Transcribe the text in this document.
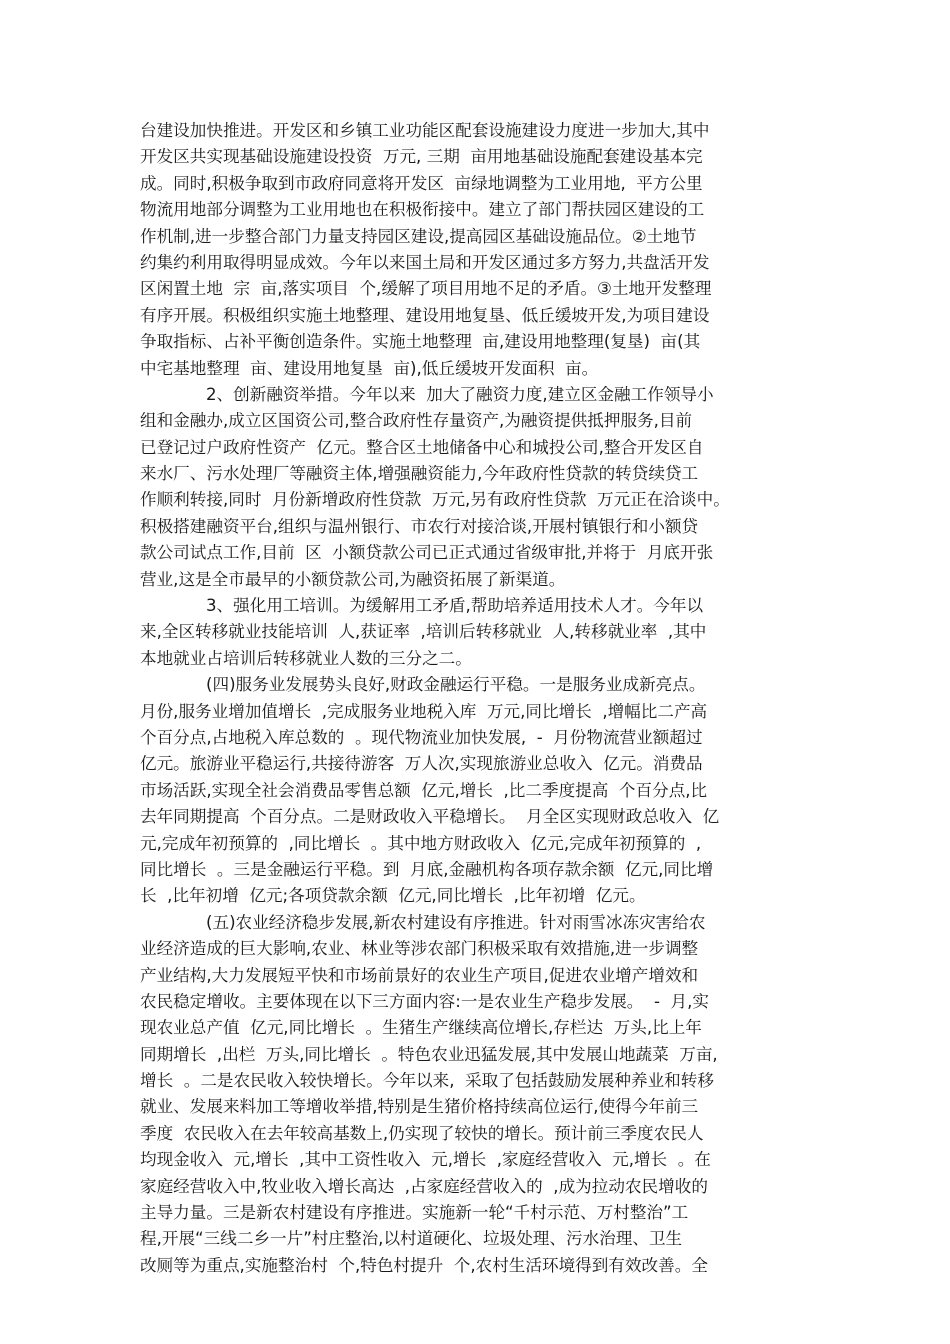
台建设加快推进。开发区和乡镇工业功能区配套设施建设力度进一步加大,其中
开发区共实现基础设施建设投资  万元, 三期  亩用地基础设施配套建设基本完
成。同时,积极争取到市政府同意将开发区  亩绿地调整为工业用地,  平方公里
物流用地部分调整为工业用地也在积极衔接中。建立了部门帮扶园区建设的工
作机制,进一步整合部门力量支持园区建设,提高园区基础设施品位。②土地节
约集约利用取得明显成效。今年以来国土局和开发区通过多方努力,共盘活开发
区闲置土地  宗  亩,落实项目  个,缓解了项目用地不足的矛盾。③土地开发整理
有序开展。积极组织实施土地整理、建设用地复垦、低丘缓坡开发,为项目建设
争取指标、占补平衡创造条件。实施土地整理  亩,建设用地整理(复垦)  亩(其
中宅基地整理  亩、建设用地复垦  亩),低丘缓坡开发面积  亩。
2、创新融资举措。今年以来  加大了融资力度,建立区金融工作领导小
组和金融办,成立区国资公司,整合政府性存量资产,为融资提供抵押服务,目前
已登记过户政府性资产  亿元。整合区土地储备中心和城投公司,整合开发区自
来水厂、污水处理厂等融资主体,增强融资能力,今年政府性贷款的转贷续贷工
作顺利转接,同时  月份新增政府性贷款  万元,另有政府性贷款  万元正在洽谈中。
积极搭建融资平台,组织与温州银行、市农行对接洽谈,开展村镇银行和小额贷
款公司试点工作,目前  区  小额贷款公司已正式通过省级审批,并将于  月底开张
营业,这是全市最早的小额贷款公司,为融资拓展了新渠道。
3、强化用工培训。为缓解用工矛盾,帮助培养适用技术人才。今年以
来,全区转移就业技能培训  人,获证率  ,培训后转移就业  人,转移就业率  ,其中
本地就业占培训后转移就业人数的三分之二。
(四)服务业发展势头良好,财政金融运行平稳。一是服务业成新亮点。
月份,服务业增加值增长  ,完成服务业地税入库  万元,同比增长  ,增幅比二产高
个百分点,占地税入库总数的  。现代物流业加快发展,  -  月份物流营业额超过
亿元。旅游业平稳运行,共接待游客  万人次,实现旅游业总收入  亿元。消费品
市场活跃,实现全社会消费品零售总额  亿元,增长  ,比二季度提高  个百分点,比
去年同期提高  个百分点。二是财政收入平稳增长。  月全区实现财政总收入  亿
元,完成年初预算的  ,同比增长  。其中地方财政收入  亿元,完成年初预算的  ,
同比增长  。三是金融运行平稳。到  月底,金融机构各项存款余额  亿元,同比增
长  ,比年初增  亿元;各项贷款余额  亿元,同比增长  ,比年初增  亿元。
(五)农业经济稳步发展,新农村建设有序推进。针对雨雪冰冻灾害给农
业经济造成的巨大影响,农业、林业等涉农部门积极采取有效措施,进一步调整
产业结构,大力发展短平快和市场前景好的农业生产项目,促进农业增产增效和
农民稳定增收。主要体现在以下三方面内容:一是农业生产稳步发展。  -  月,实
现农业总产值  亿元,同比增长  。生猪生产继续高位增长,存栏达  万头,比上年
同期增长  ,出栏  万头,同比增长  。特色农业迅猛发展,其中发展山地蔬菜  万亩,
增长  。二是农民收入较快增长。今年以来,  采取了包括鼓励发展种养业和转移
就业、发展来料加工等增收举措,特别是生猪价格持续高位运行,使得今年前三
季度  农民收入在去年较高基数上,仍实现了较快的增长。预计前三季度农民人
均现金收入  元,增长  ,其中工资性收入  元,增长  ,家庭经营收入  元,增长  。在
家庭经营收入中,牧业收入增长高达  ,占家庭经营收入的  ,成为拉动农民增收的
主导力量。三是新农村建设有序推进。实施新一轮“千村示范、万村整治”工
程,开展“三线二乡一片”村庄整治,以村道硬化、垃圾处理、污水治理、卫生
改厕等为重点,实施整治村  个,特色村提升  个,农村生活环境得到有效改善。全
